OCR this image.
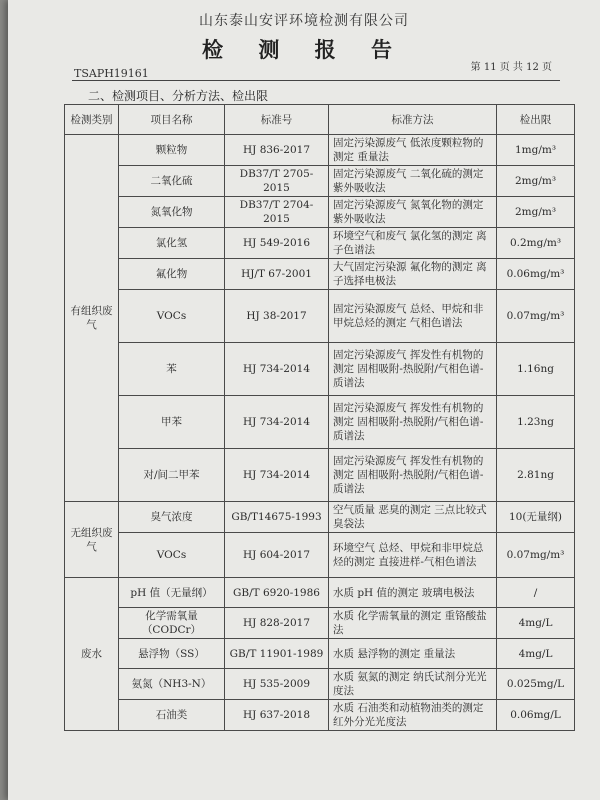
山东泰山安评环境检测有限公司
检 测 报 告
第 11 页 共 12 页
TSAPH19161
二、检测项目、分析方法、检出限
检测类别	项目名称	标准号	标准方法	检出限
有组织废气	颗粒物	HJ 836-2017	固定污染源废气 低浓度颗粒物的测定 重量法	1mg/m³
	二氧化硫	DB37/T 2705-2015	固定污染源废气 二氧化硫的测定 紫外吸收法	2mg/m³
	氮氧化物	DB37/T 2704-2015	固定污染源废气 氮氧化物的测定 紫外吸收法	2mg/m³
	氯化氢	HJ 549-2016	环境空气和废气 氯化氢的测定 离子色谱法	0.2mg/m³
	氟化物	HJ/T 67-2001	大气固定污染源 氟化物的测定 离子选择电极法	0.06mg/m³
	VOCs	HJ 38-2017	固定污染源废气 总烃、甲烷和非甲烷总烃的测定 气相色谱法	0.07mg/m³
	苯	HJ 734-2014	固定污染源废气 挥发性有机物的测定 固相吸附-热脱附/气相色谱-质谱法	1.16ng
	甲苯	HJ 734-2014	固定污染源废气 挥发性有机物的测定 固相吸附-热脱附/气相色谱-质谱法	1.23ng
	对/间二甲苯	HJ 734-2014	固定污染源废气 挥发性有机物的测定 固相吸附-热脱附/气相色谱-质谱法	2.81ng
无组织废气	臭气浓度	GB/T14675-1993	空气质量 恶臭的测定 三点比较式臭袋法	10(无量纲)
	VOCs	HJ 604-2017	环境空气 总烃、甲烷和非甲烷总烃的测定 直接进样-气相色谱法	0.07mg/m³
废水	pH 值（无量纲）	GB/T 6920-1986	水质 pH 值的测定 玻璃电极法	/
	化学需氧量（CODCr）	HJ 828-2017	水质 化学需氧量的测定 重铬酸盐法	4mg/L
	悬浮物（SS）	GB/T 11901-1989	水质 悬浮物的测定 重量法	4mg/L
	氨氮（NH3-N）	HJ 535-2009	水质 氨氮的测定 纳氏试剂分光光度法	0.025mg/L
	石油类	HJ 637-2018	水质 石油类和动植物油类的测定 红外分光光度法	0.06mg/L
